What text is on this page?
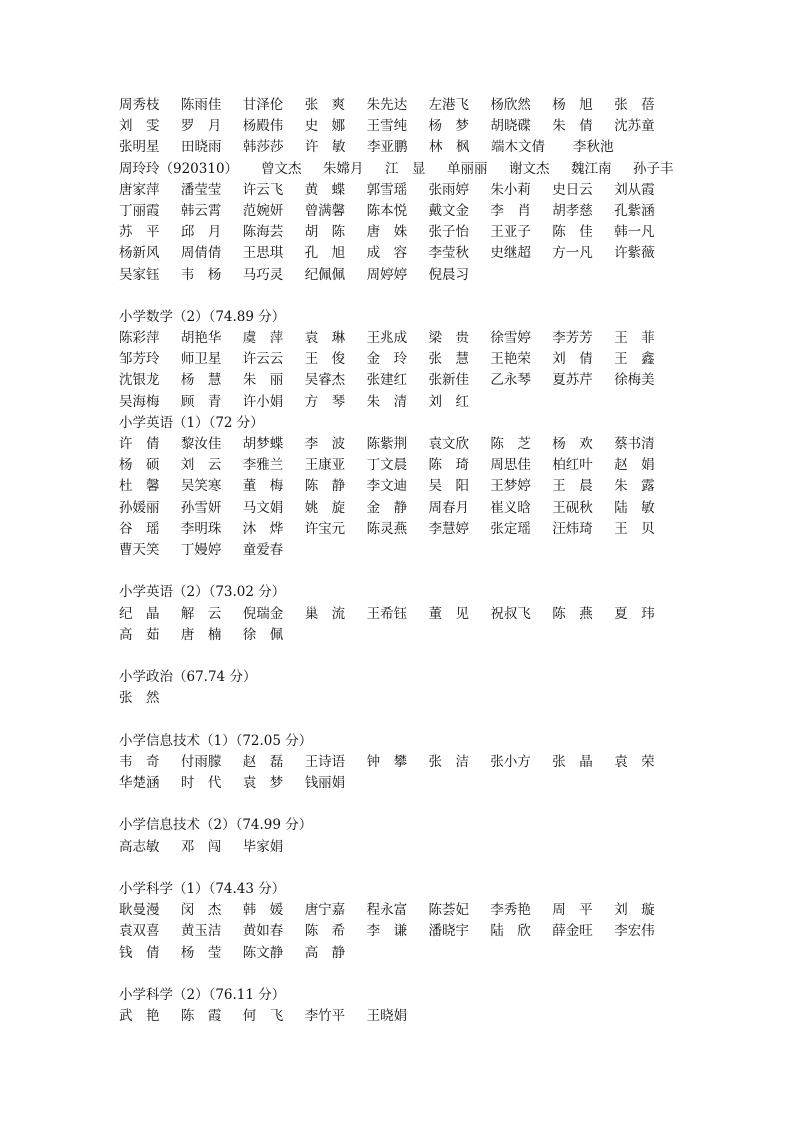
周秀枝 陈雨佳 甘泽伦 张　爽 朱先达 左港飞 杨欣然 杨　旭 张　蓓
刘　雯 罗　月 杨殿伟 史　娜 王雪纯 杨　梦 胡晓碟 朱　倩 沈苏童
张明星 田晓雨 韩莎莎 许　敏 李亚鹏 林　枫 端木文倩 李秋池
周玲玲（920310） 曾文杰 朱嫦月 江　显 单丽丽 谢文杰 魏江南 孙子丰
唐家萍 潘莹莹 许云飞 黄　蝶 郭雪瑶 张雨婷 朱小莉 史日云 刘从霞
丁丽霞 韩云霄 范婉妍 曾满馨 陈本悦 戴文金 李　肖 胡孝慈 孔紫涵
苏　平 邱　月 陈海芸 胡　陈 唐　姝 张子怡 王亚子 陈　佳 韩一凡
杨新风 周倩倩 王思琪 孔　旭 成　容 李莹秋 史继超 方一凡 许紫薇
吴家钰 韦　杨 马巧灵 纪佩佩 周婷婷 倪晨习
小学数学（2）（74.89 分）
陈彩萍 胡艳华 虞　萍 袁　琳 王兆成 梁　贵 徐雪婷 李芳芳 王　菲
邹芳玲 师卫星 许云云 王　俊 金　玲 张　慧 王艳荣 刘　倩 王　鑫
沈银龙 杨　慧 朱　丽 吴睿杰 张建红 张新佳 乙永琴 夏苏芹 徐梅美
吴海梅 顾　青 许小娟 方　琴 朱　清 刘　红
小学英语（1）（72 分）
许　倩 黎汝佳 胡梦蝶 李　波 陈紫荆 袁文欣 陈　芝 杨　欢 蔡书清
杨　硕 刘　云 李雅兰 王康亚 丁文晨 陈　琦 周思佳 柏红叶 赵　娟
杜　馨 吴笑寒 董　梅 陈　静 李文迪 吴　阳 王梦婷 王　晨 朱　露
孙媛丽 孙雪妍 马文娟 姚　旋 金　静 周春月 崔义晗 王砚秋 陆　敏
谷　瑶 李明珠 沐　烨 许宝元 陈灵燕 李慧婷 张定瑶 汪炜琦 王　贝
曹天笑 丁嫚婷 童爱春
小学英语（2）（73.02 分）
纪　晶 解　云 倪瑞金 巢　流 王希钰 董　见 祝叔飞 陈　燕 夏　玮
高　茹 唐　楠 徐　佩
小学政治（67.74 分）
张　然
小学信息技术（1）（72.05 分）
韦　奇 付雨朦 赵　磊 王诗语 钟　攀 张　洁 张小方 张　晶 袁　荣
华楚涵 时　代 袁　梦 钱丽娟
小学信息技术（2）（74.99 分）
高志敏 邓　闯 毕家娟
小学科学（1）（74.43 分）
耿曼漫 闵　杰 韩　媛 唐宁嘉 程永富 陈荟妃 李秀艳 周　平 刘　璇
袁双喜 黄玉洁 黄如春 陈　希 李　谦 潘晓宇 陆　欣 薛金旺 李宏伟
钱　倩 杨　莹 陈文静 高　静
小学科学（2）（76.11 分）
武　艳 陈　霞 何　飞 李竹平 王晓娟
